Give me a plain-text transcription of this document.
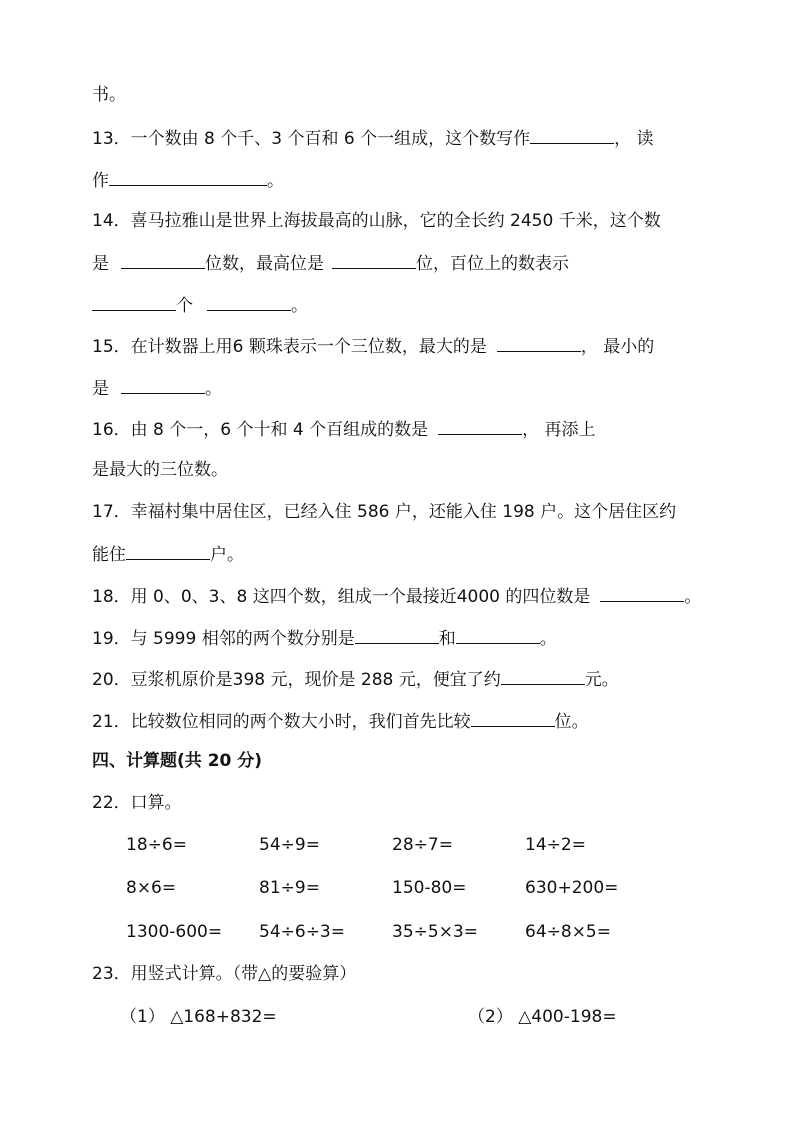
书。
13．一个数由 8 个千、3 个百和 6 个一组成，这个数写作	， 读
作	。
14．喜马拉雅山是世界上海拔最高的山脉，它的全长约 2450 千米，这个数
是	位数，最高位是	位，百位上的数表示
个	。
15．在计数器上用6 颗珠表示一个三位数，最大的是	， 最小的
是	。
16．由 8 个一，6 个十和 4 个百组成的数是	， 再添上
是最大的三位数。
17．幸福村集中居住区，已经入住 586 户，还能入住 198 户。这个居住区约
能住	户。
18．用 0、0、3、8 这四个数，组成一个最接近4000 的四位数是	。
19．与 5999 相邻的两个数分别是	和	。
20．豆浆机原价是398 元，现价是 288 元，便宜了约	元。
21．比较数位相同的两个数大小时，我们首先比较	位。
四、计算题(共 20 分)
22．口算。
18÷6=	54÷9=	28÷7=	14÷2=
8×6=	81÷9=	150-80=	630+200=
1300-600= 54÷6÷3=	35÷5×3=	64÷8×5=
23．用竖式计算。（带△的要验算）
（1） △168+832=	（2） △400-198=
